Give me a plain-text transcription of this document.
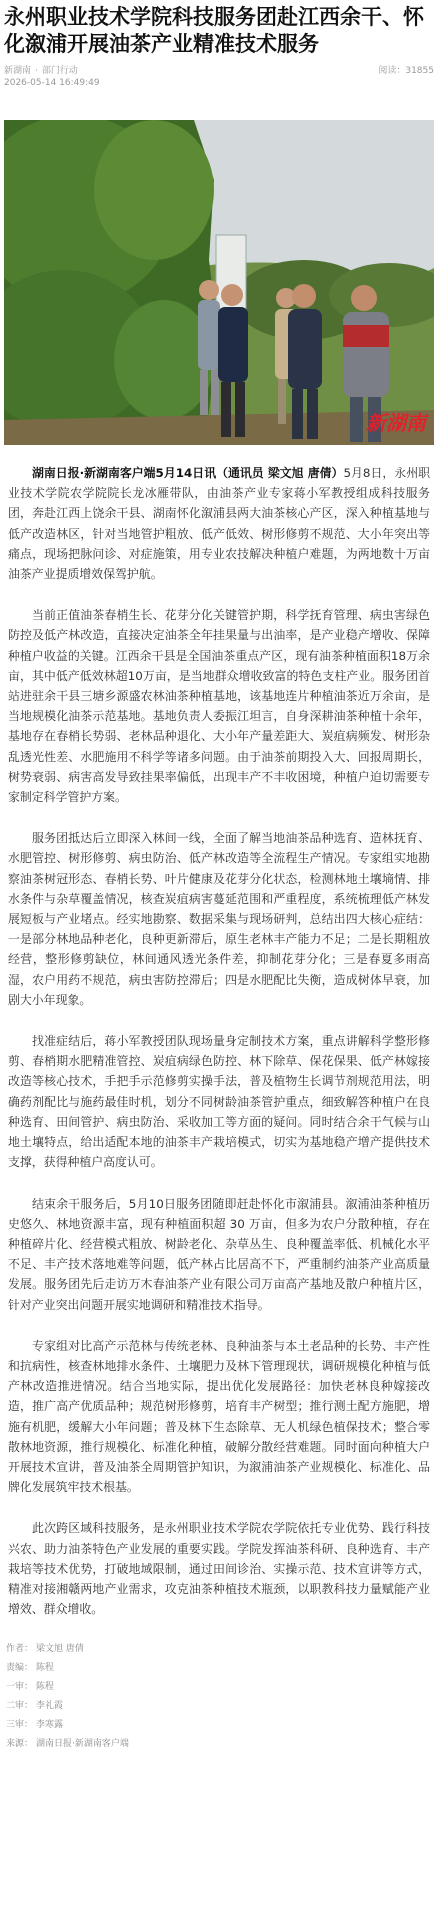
永州职业技术学院科技服务团赴江西余干、怀化溆浦开展油茶产业精准技术服务
新湖南 · 部门行动	阅读：31855
2026-05-14 16:49:49
新湖南

湖南日报·新湖南客户端5月14日讯（通讯员 梁文旭 唐倩）5月8日，永州职业技术学院农学院院长龙冰雁带队，由油茶产业专家蒋小军教授组成科技服务团，奔赴江西上饶余干县、湖南怀化溆浦县两大油茶核心产区，深入种植基地与低产改造林区，针对当地管护粗放、低产低效、树形修剪不规范、大小年突出等痛点，现场把脉问诊、对症施策，用专业农技解决种植户难题，为两地数十万亩油茶产业提质增效保驾护航。

当前正值油茶春梢生长、花芽分化关键管护期，科学抚育管理、病虫害绿色防控及低产林改造，直接决定油茶全年挂果量与出油率，是产业稳产增收、保障种植户收益的关键。江西余干县是全国油茶重点产区，现有油茶种植面积18万余亩，其中低产低效林超10万亩，是当地群众增收致富的特色支柱产业。服务团首站进驻余干县三塘乡源盛农林油茶种植基地，该基地连片种植油茶近万余亩，是当地规模化油茶示范基地。基地负责人委振江坦言，自身深耕油茶种植十余年，基地存在春梢长势弱、老林品种退化、大小年产量差距大、炭疽病频发、树形杂乱透光性差、水肥施用不科学等诸多问题。由于油茶前期投入大、回报周期长，树势衰弱、病害高发导致挂果率偏低，出现丰产不丰收困境，种植户迫切需要专家制定科学管护方案。

服务团抵达后立即深入林间一线，全面了解当地油茶品种选育、造林抚育、水肥管控、树形修剪、病虫防治、低产林改造等全流程生产情况。专家组实地勘察油茶树冠形态、春梢长势、叶片健康及花芽分化状态，检测林地土壤墒情、排水条件与杂草覆盖情况，核查炭疽病害蔓延范围和严重程度，系统梳理低产林发展短板与产业堵点。经实地勘察、数据采集与现场研判，总结出四大核心症结：一是部分林地品种老化，良种更新滞后，原生老林丰产能力不足；二是长期粗放经营，整形修剪缺位，林间通风透光条件差，抑制花芽分化；三是春夏多雨高湿，农户用药不规范，病虫害防控滞后；四是水肥配比失衡，造成树体早衰，加剧大小年现象。

找准症结后，蒋小军教授团队现场量身定制技术方案，重点讲解科学整形修剪、春梢期水肥精准管控、炭疽病绿色防控、林下除草、保花保果、低产林嫁接改造等核心技术，手把手示范修剪实操手法，普及植物生长调节剂规范用法，明确药剂配比与施药最佳时机，划分不同树龄油茶管护重点，细致解答种植户在良种选育、田间管护、病虫防治、采收加工等方面的疑问。同时结合余干气候与山地土壤特点，给出适配本地的油茶丰产栽培模式，切实为基地稳产增产提供技术支撑，获得种植户高度认可。

结束余干服务后，5月10日服务团随即赶赴怀化市溆浦县。溆浦油茶种植历史悠久、林地资源丰富，现有种植面积超 30 万亩，但多为农户分散种植，存在种植碎片化、经营模式粗放、树龄老化、杂草丛生、良种覆盖率低、机械化水平不足、丰产技术落地难等问题，低产林占比居高不下，严重制约油茶产业高质量发展。服务团先后走访万木春油茶产业有限公司万亩高产基地及散户种植片区，针对产业突出问题开展实地调研和精准技术指导。

专家组对比高产示范林与传统老林、良种油茶与本土老品种的长势、丰产性和抗病性，核查林地排水条件、土壤肥力及林下管理现状，调研规模化种植与低产林改造推进情况。结合当地实际，提出优化发展路径：加快老林良种嫁接改造，推广高产优质品种；规范树形修剪，培育丰产树型；推行测土配方施肥，增施有机肥，缓解大小年问题；普及林下生态除草、无人机绿色植保技术；整合零散林地资源，推行规模化、标准化种植，破解分散经营难题。同时面向种植大户开展技术宣讲，普及油茶全周期管护知识，为溆浦油茶产业规模化、标准化、品牌化发展筑牢技术根基。

此次跨区域科技服务，是永州职业技术学院农学院依托专业优势、践行科技兴农、助力油茶特色产业发展的重要实践。学院发挥油茶科研、良种选育、丰产栽培等技术优势，打破地域限制，通过田间诊治、实操示范、技术宣讲等方式，精准对接湘赣两地产业需求，攻克油茶种植技术瓶颈，以职教科技力量赋能产业增效、群众增收。

作者： 梁文旭 唐倩
责编： 陈程
一审： 陈程
二审： 李礼霞
三审： 李寒露
来源： 湖南日报·新湖南客户端
